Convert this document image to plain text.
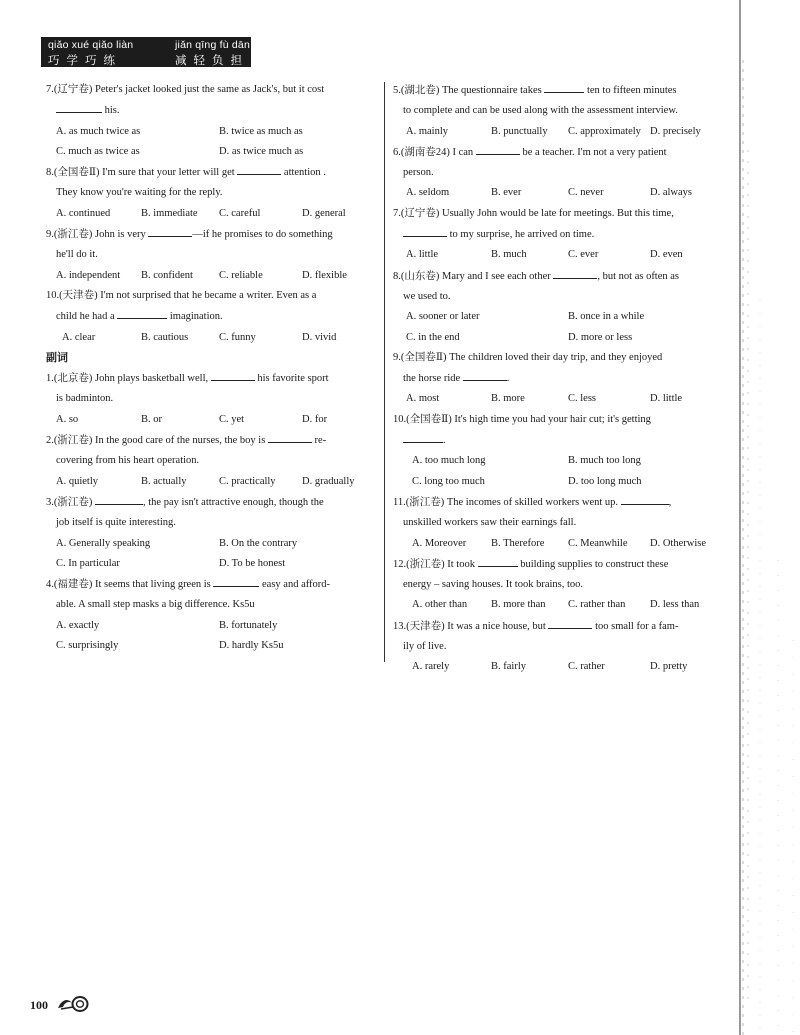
qiǎo xué qiǎo liàn	jiǎn qīng fù dān
巧学巧练	减轻负担
7.(辽宁卷) Peter's jacket looked just the same as Jack's, but it cost
his.
A. as much twice as	B. twice as much as
C. much as twice as	D. as twice much as
8.(全国卷Ⅱ) I'm sure that your letter will get	attention .
They know you're waiting for the reply.
A. continued	B. immediate C. careful	D. general
9.(浙江卷) John is very	—if he promises to do something
he'll do it.
A. independent B. confident C. reliable	D. flexible
10.(天津卷) I'm not surprised that he became a writer. Even as a
child he had a	imagination.
A. clear	B. cautious	C. funny	D. vivid
副词
1.(北京卷) John plays basketball well,	his favorite sport
is badminton.
A. so	B. or	C. yet	D. for
2.(浙江卷) In the good care of the nurses, the boy is	re-
covering from his heart operation.
A. quietly	B. actually	C. practically	D. gradually
3.(浙江卷)	, the pay isn't attractive enough, though the
job itself is quite interesting.
A. Generally speaking	B. On the contrary
C. In particular	D. To be honest
4.(福建卷) It seems that living green is	easy and afford-
able. A small step masks a big difference. Ks5u
A. exactly	B. fortunately
C. surprisingly	D. hardly Ks5u
5.(湖北卷) The questionnaire takes	ten to fifteen minutes
to complete and can be used along with the assessment interview.
A. mainly	B. punctually C. approximately D. precisely
6.(湖南卷24) I can	be a teacher. I'm not a very patient
person.
A. seldom	B. ever	C. never	D. always
7.(辽宁卷) Usually John would be late for meetings. But this time,
to my surprise, he arrived on time.
A. little	B. much	C. ever	D. even
8.(山东卷) Mary and I see each other	, but not as often as
we used to.
A. sooner or later	B. once in a while
C. in the end	D. more or less
9.(全国卷Ⅱ) The children loved their day trip, and they enjoyed
the horse ride	.
A. most	B. more	C. less	D. little
10.(全国卷Ⅱ) It's high time you had your hair cut; it's getting
.
A. too much long	B. much too long
C. long too much	D. too long much
11.(浙江卷) The incomes of skilled workers went up.	,
unskilled workers saw their earnings fall.
A. Moreover B. Therefore C. Meanwhile D. Otherwise
12.(浙江卷) It took	building supplies to construct these
energy – saving houses. It took brains, too.
A. other than B. more than C. rather than D. less than
13.(天津卷) It was a nice house, but	too small for a fam-
ily of live.
A. rarely	B. fairly	C. rather	D. pretty
100
